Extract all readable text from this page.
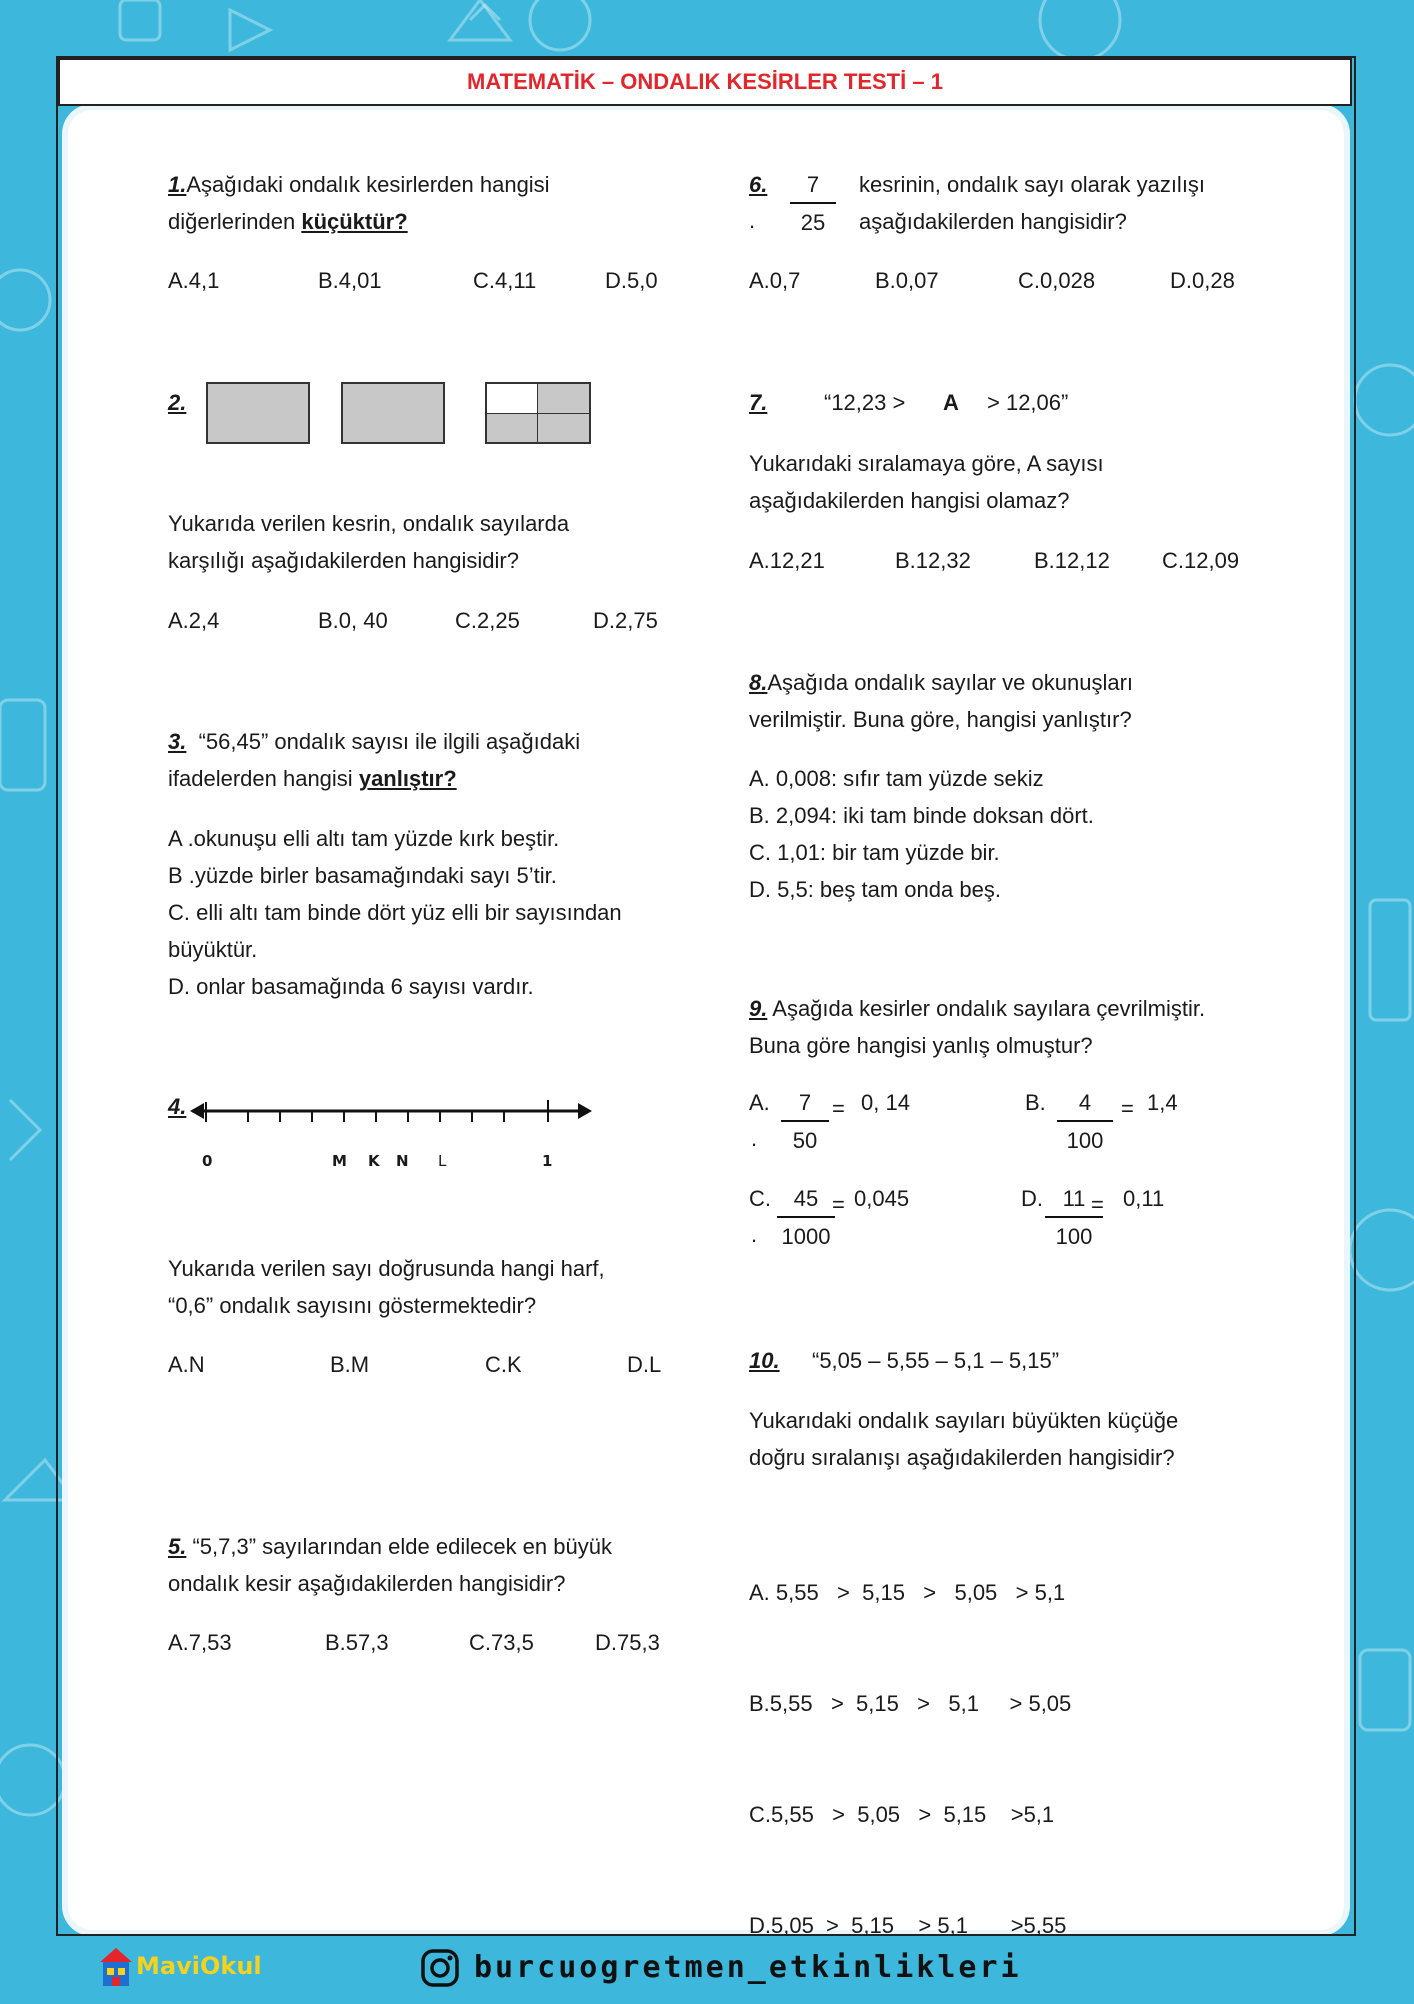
MATEMATİK – ONDALIK KESİRLER TESTİ – 1
1.Aşağıdaki ondalık kesirlerden hangisi
diğerlerinden küçüktür?
A.4,1	B.4,01	C.4,11	D.5,0
2.
Yukarıda verilen kesrin, ondalık sayılarda
karşılığı aşağıdakilerden hangisidir?
A.2,4	B.0, 40	C.2,25	D.2,75
3. “56,45” ondalık sayısı ile ilgili aşağıdaki
ifadelerden hangisi yanlıştır?
A .okunuşu elli altı tam yüzde kırk beştir.
B .yüzde birler basamağındaki sayı 5’tir.
C. elli altı tam binde dört yüz elli bir sayısından
büyüktür.
D. onlar basamağında 6 sayısı vardır.
4.
0	M K N L	1
Yukarıda verilen sayı doğrusunda hangi harf,
“0,6” ondalık sayısını göstermektedir?
A.N	B.M	C.K	D.L
5. “5,7,3” sayılarından elde edilecek en büyük
ondalık kesir aşağıdakilerden hangisidir?
A.7,53	B.57,3	C.73,5	D.75,3
6.
. $\frac{7}{25}$ kesrinin, ondalık sayı olarak yazılışı
aşağıdakilerden hangisidir?
A.0,7	B.0,07	C.0,028	D.0,28
7.	“12,23 > A > 12,06”
Yukarıdaki sıralamaya göre, A sayısı
aşağıdakilerden hangisi olamaz?
A.12,21	B.12,32	B.12,12 C.12,09
8.Aşağıda ondalık sayılar ve okunuşları
verilmiştir. Buna göre, hangisi yanlıştır?
A. 0,008: sıfır tam yüzde sekiz
B. 2,094: iki tam binde doksan dört.
C. 1,01: bir tam yüzde bir.
D. 5,5: beş tam onda beş.
9. Aşağıda kesirler ondalık sayılara çevrilmiştir.
Buna göre hangisi yanlış olmuştur?
A.
. $\frac{7}{50} = 0$, 14	B. $\frac{4}{100} = 1,4$
C.
. $\frac{45}{1000}$
= 0,045	D. $\frac{11}{100}$
= 0,11
10. “5,05 – 5,55 – 5,1 – 5,15”
Yukarıdaki ondalık sayıları büyükten küçüğe
doğru sıralanışı aşağıdakilerden hangisidir?

A. 5,55   >  5,15   >   5,05   > 5,1

B.5,55   >  5,15   >   5,1     > 5,05

C.5,55   >  5,05   >  5,15    >5,1

D.5,05  >  5,15    > 5,1       >5,55

MaviOkul	burcuogretmen_etkinlikleri
